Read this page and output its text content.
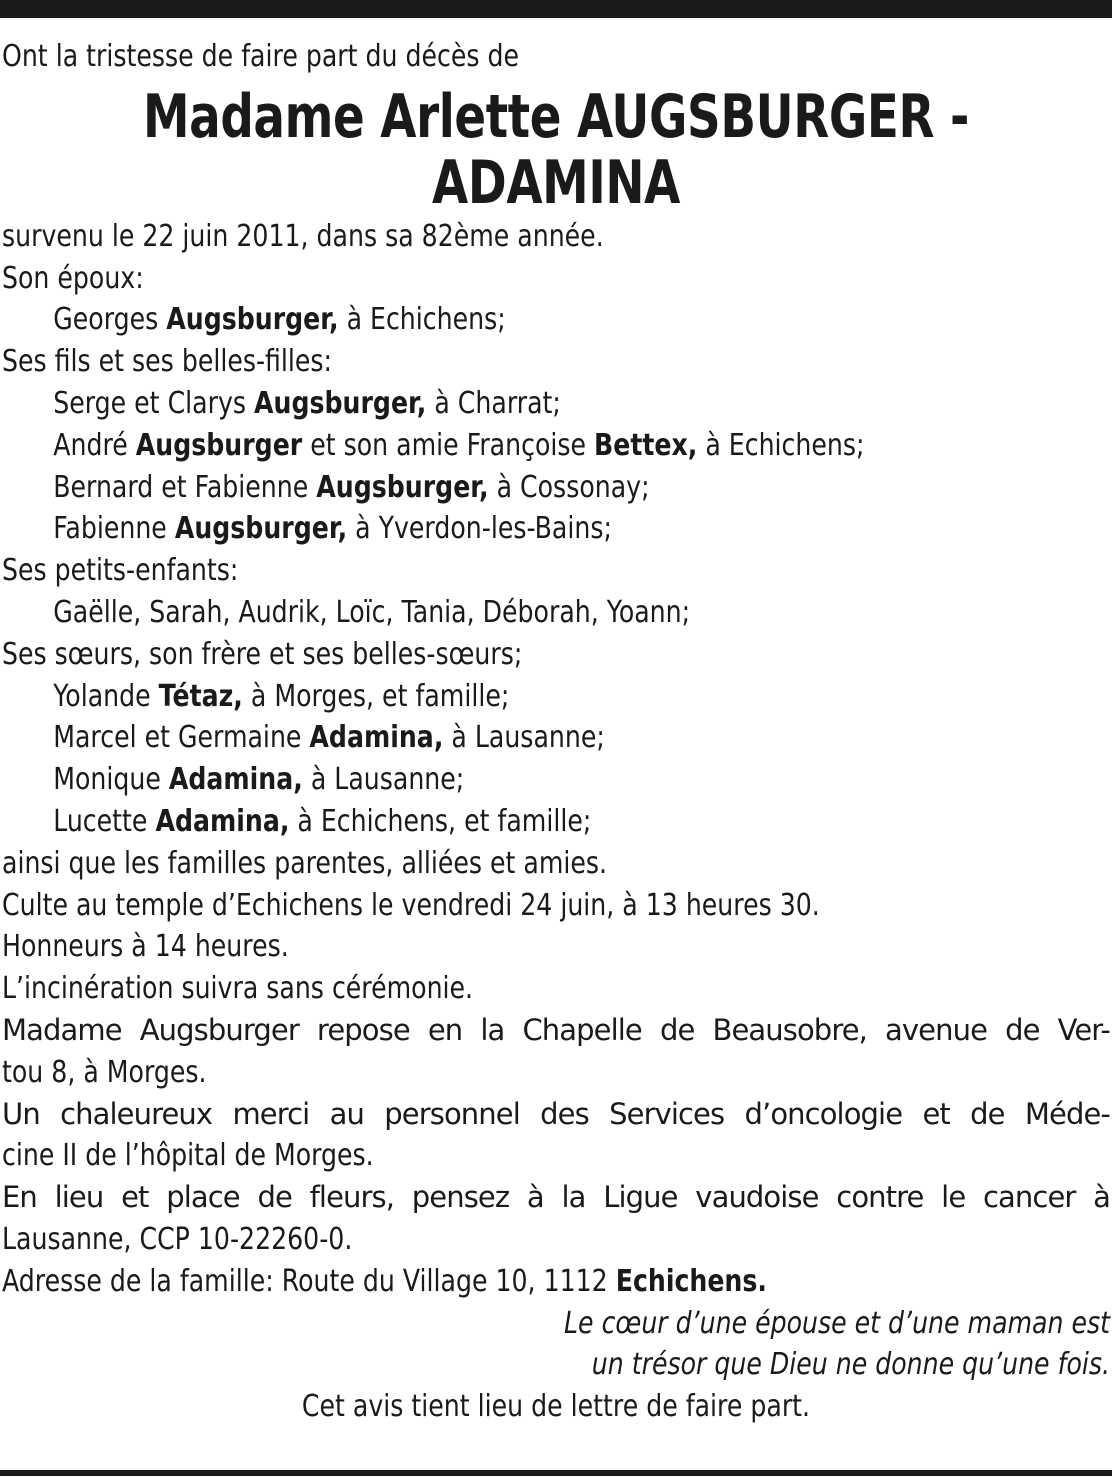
Ont la tristesse de faire part du décès de
Madame Arlette AUGSBURGER -
ADAMINA
survenu le 22 juin 2011, dans sa 82ème année.
Son époux:
Georges Augsburger, à Echichens;
Ses fils et ses belles-filles:
Serge et Clarys Augsburger, à Charrat;
André Augsburger et son amie Françoise Bettex, à Echichens;
Bernard et Fabienne Augsburger, à Cossonay;
Fabienne Augsburger, à Yverdon-les-Bains;
Ses petits-enfants:
Gaëlle, Sarah, Audrik, Loïc, Tania, Déborah, Yoann;
Ses sœurs, son frère et ses belles-sœurs;
Yolande Tétaz, à Morges, et famille;
Marcel et Germaine Adamina, à Lausanne;
Monique Adamina, à Lausanne;
Lucette Adamina, à Echichens, et famille;
ainsi que les familles parentes, alliées et amies.
Culte au temple d’Echichens le vendredi 24 juin, à 13 heures 30.
Honneurs à 14 heures.
L’incinération suivra sans cérémonie.
Madame Augsburger repose en la Chapelle de Beausobre, avenue de Ver-
tou 8, à Morges.
Un chaleureux merci au personnel des Services d’oncologie et de Méde-
cine II de l’hôpital de Morges.
En lieu et place de fleurs, pensez à la Ligue vaudoise contre le cancer à
Lausanne, CCP 10-22260-0.
Adresse de la famille: Route du Village 10, 1112 Echichens.
Le cœur d’une épouse et d’une maman est
un trésor que Dieu ne donne qu’une fois.
Cet avis tient lieu de lettre de faire part.
